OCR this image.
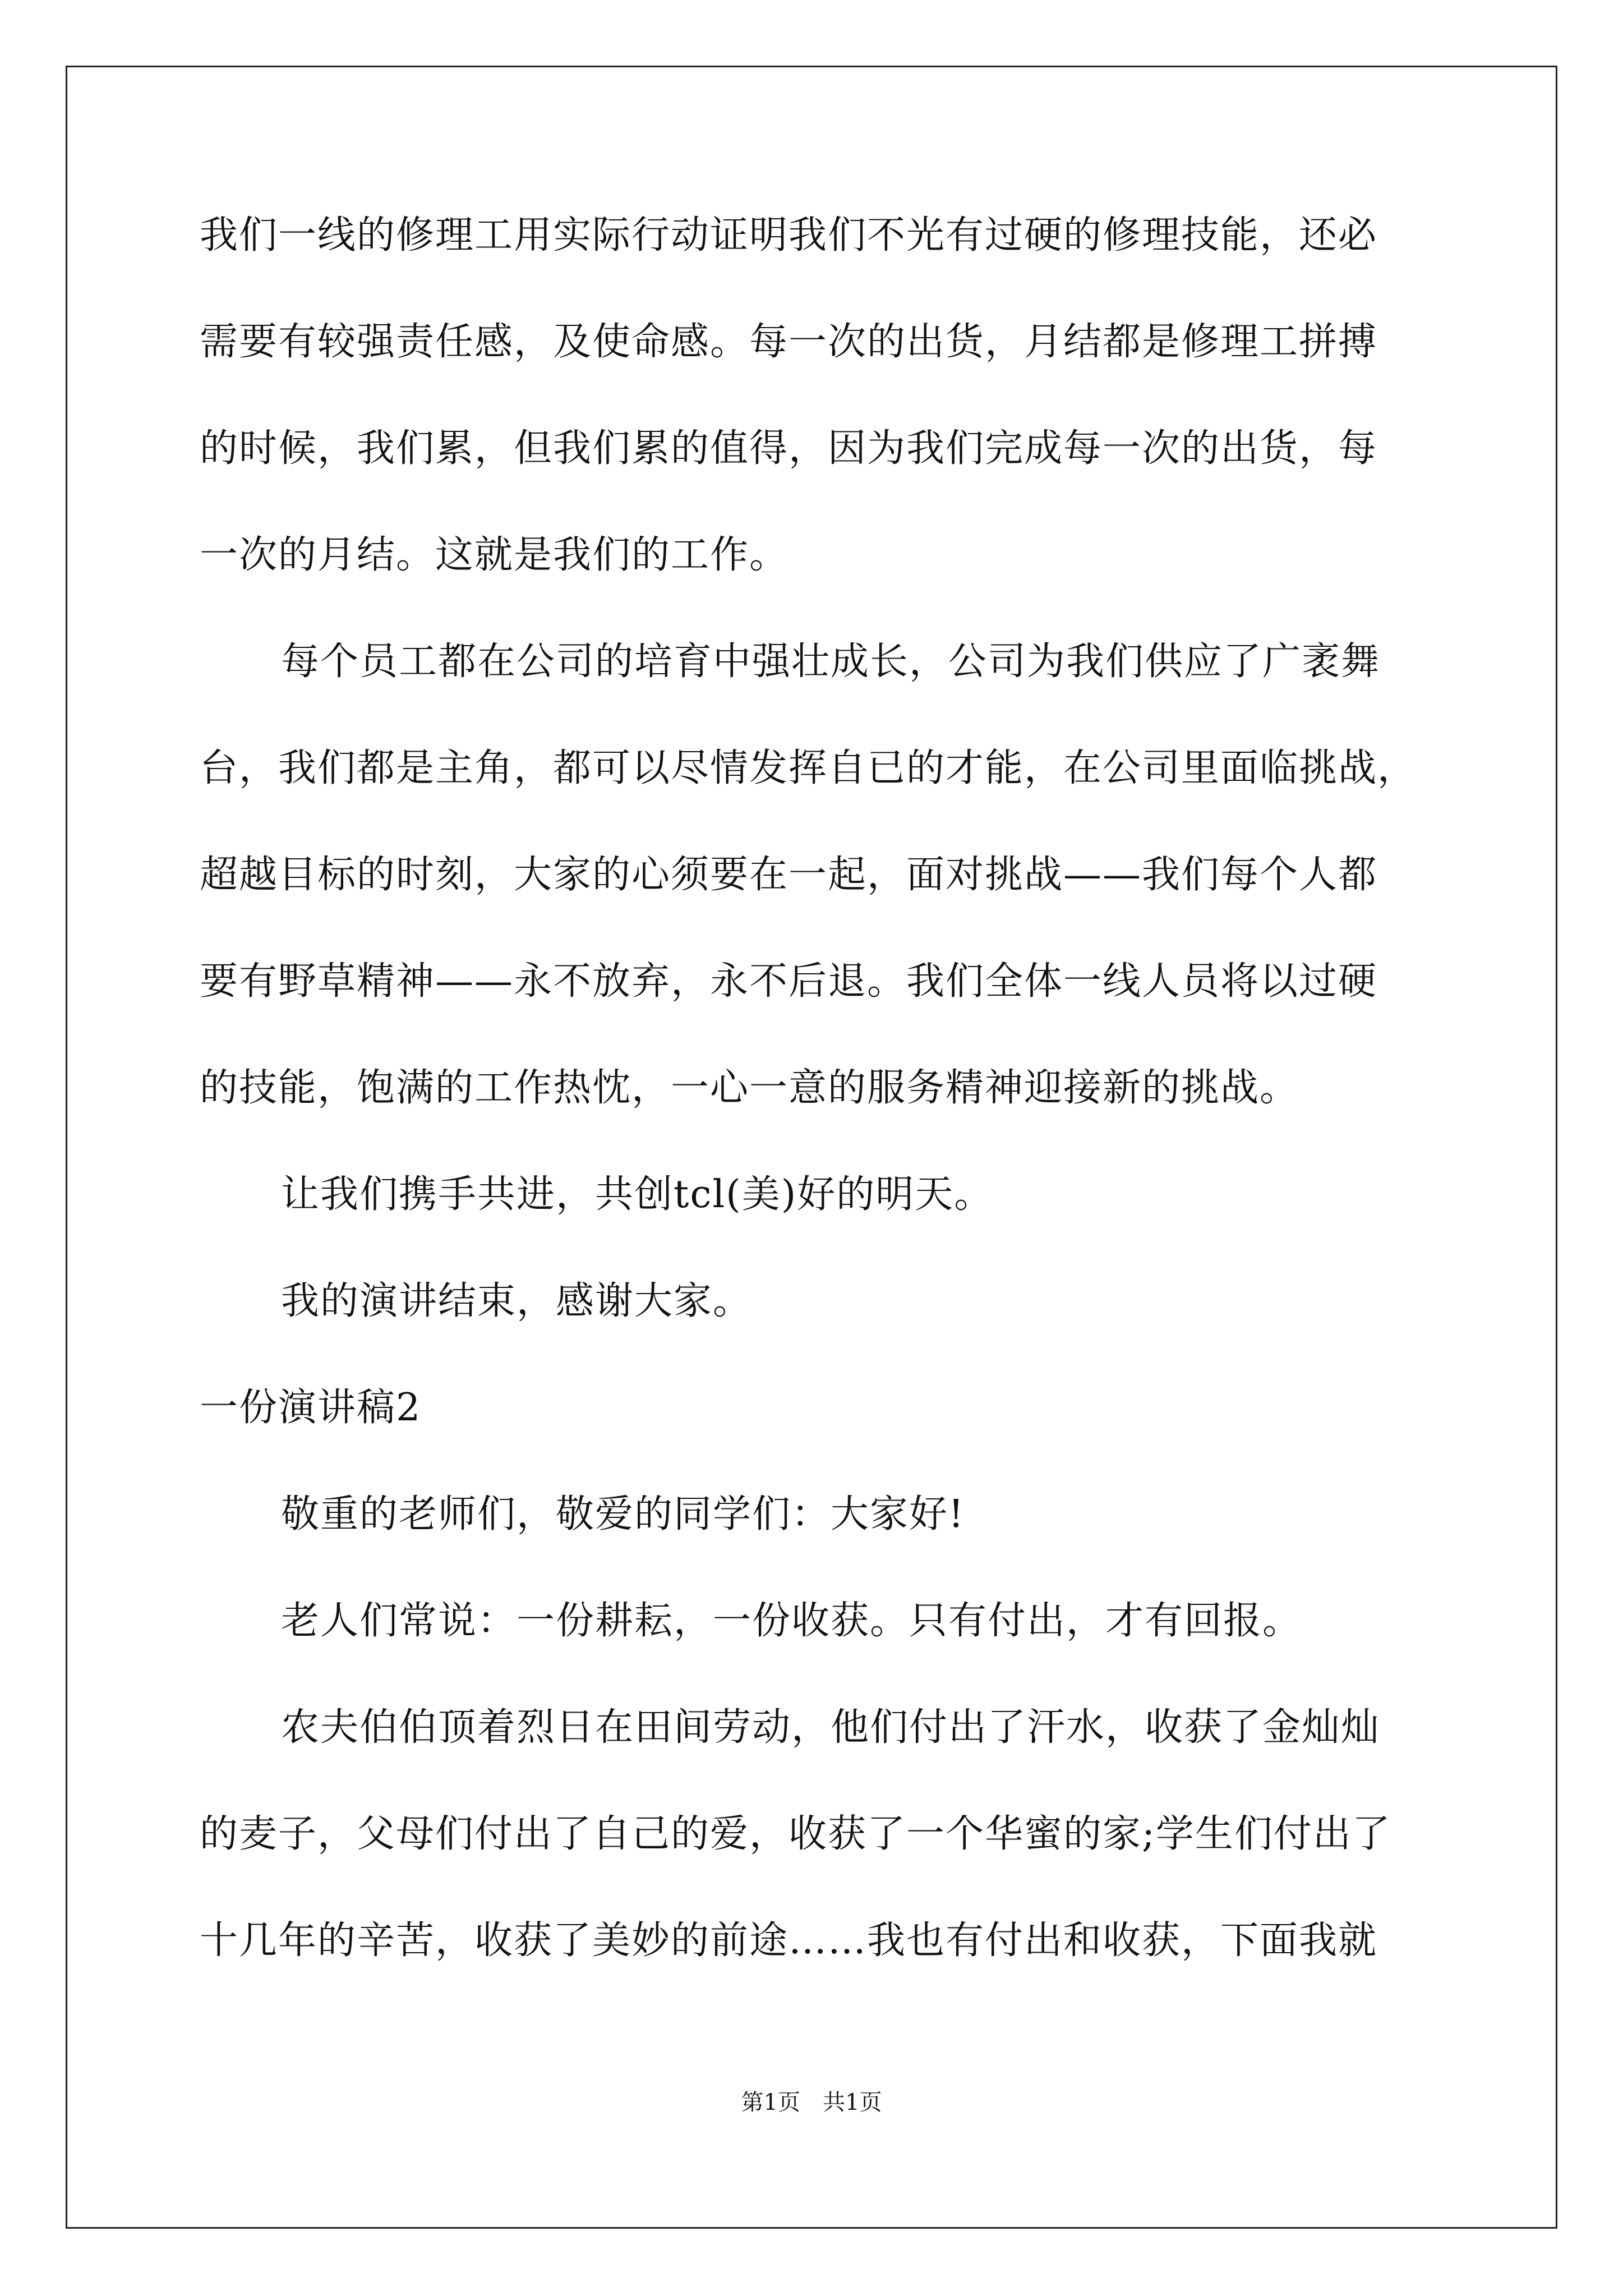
我们一线的修理工用实际行动证明我们不光有过硬的修理技能，还必
需要有较强责任感，及使命感。每一次的出货，月结都是修理工拼搏
的时候，我们累，但我们累的值得，因为我们完成每一次的出货，每
一次的月结。这就是我们的工作。
每个员工都在公司的培育中强壮成长，公司为我们供应了广袤舞
台，我们都是主角，都可以尽情发挥自已的才能，在公司里面临挑战，
超越目标的时刻，大家的心须要在一起，面对挑战——我们每个人都
要有野草精神——永不放弃，永不后退。我们全体一线人员将以过硬
的技能，饱满的工作热忱，一心一意的服务精神迎接新的挑战。
让我们携手共进，共创tcl(美)好的明天。
我的演讲结束，感谢大家。
一份演讲稿2
敬重的老师们，敬爱的同学们：大家好!
老人们常说：一份耕耘，一份收获。只有付出，才有回报。
农夫伯伯顶着烈日在田间劳动，他们付出了汗水，收获了金灿灿
的麦子，父母们付出了自己的爱，收获了一个华蜜的家;学生们付出了
十几年的辛苦，收获了美妙的前途……我也有付出和收获，下面我就
第1页　共1页
